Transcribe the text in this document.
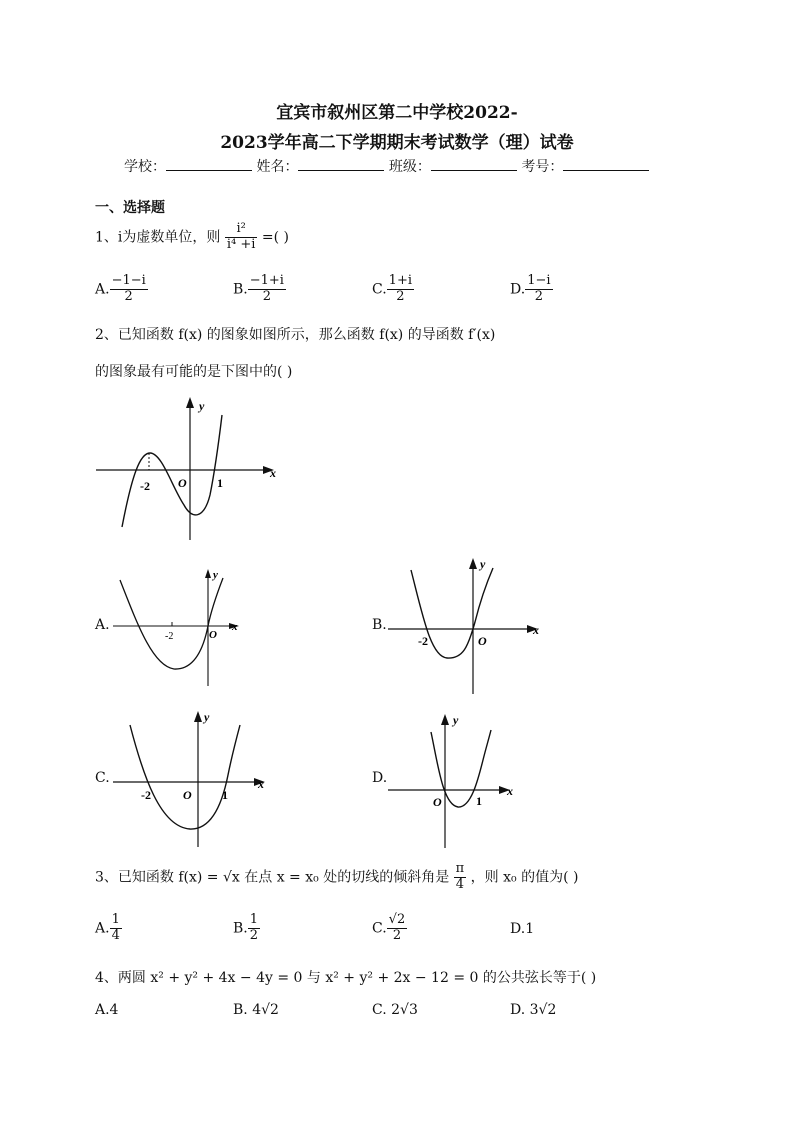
宜宾市叙州区第二中学校2022-
2023学年高二下学期期末考试数学（理）试卷
学校：	姓名：	班级：	考号：
一、选择题
1、i为虚数单位，则 $\frac{\text{i²}}{\text{i⁴ +i}}$ =( )
A. $\frac{-1-i}{2}$	B. $\frac{-1+i}{2}$	C. $\frac{1+i}{2}$	D. $\frac{1-i}{2}$
2、已知函数 f(x) 的图象如图所示，那么函数 f(x) 的导函数 f′(x)
的图象最有可能的是下图中的( )
y
x
O
-2	1
A.
y
x
O
-2
B.
y
x
O
-2
C.
y
x
O
-2	1
D.
y
x
O	1
3、已知函数 f(x) = √x 在点 x = x₀ 处的切线的倾斜角是 $\frac{\pi}{4}$ ，则 x₀ 的值为( )
A. $\frac{1}{4}$	B. $\frac{1}{2}$	C. $\frac{√2}{2}$	D.1
4、两圆 x² + y² + 4x − 4y = 0 与 x² + y² + 2x − 12 = 0 的公共弦长等于( )
A.4	B. 4√2	C. 2√3	D. 3√2
